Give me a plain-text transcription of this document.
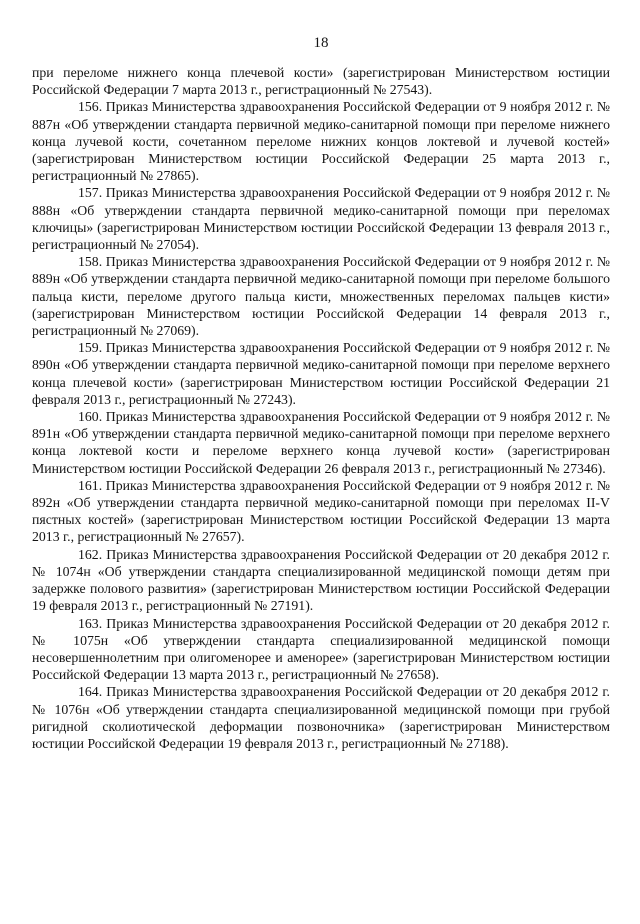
18

при переломе нижнего конца плечевой кости» (зарегистрирован Министерством юстиции Российской Федерации 7 марта 2013 г., регистрационный № 27543).

156. Приказ Министерства здравоохранения Российской Федерации от 9 ноября 2012 г. № 887н «Об утверждении стандарта первичной медико-санитарной помощи при переломе нижнего конца лучевой кости, сочетанном переломе нижних концов локтевой и лучевой костей» (зарегистрирован Министерством юстиции Российской Федерации 25 марта 2013 г., регистрационный № 27865).

157. Приказ Министерства здравоохранения Российской Федерации от 9 ноября 2012 г. № 888н «Об утверждении стандарта первичной медико-санитарной помощи при переломах ключицы» (зарегистрирован Министерством юстиции Российской Федерации 13 февраля 2013 г., регистрационный № 27054).

158. Приказ Министерства здравоохранения Российской Федерации от 9 ноября 2012 г. № 889н «Об утверждении стандарта первичной медико-санитарной помощи при переломе большого пальца кисти, переломе другого пальца кисти, множественных переломах пальцев кисти» (зарегистрирован Министерством юстиции Российской Федерации 14 февраля 2013 г., регистрационный № 27069).

159. Приказ Министерства здравоохранения Российской Федерации от 9 ноября 2012 г. № 890н «Об утверждении стандарта первичной медико-санитарной помощи при переломе верхнего конца плечевой кости» (зарегистрирован Министерством юстиции Российской Федерации 21 февраля 2013 г., регистрационный № 27243).

160. Приказ Министерства здравоохранения Российской Федерации от 9 ноября 2012 г. № 891н «Об утверждении стандарта первичной медико-санитарной помощи при переломе верхнего конца локтевой кости и переломе верхнего конца лучевой кости» (зарегистрирован Министерством юстиции Российской Федерации 26 февраля 2013 г., регистрационный № 27346).

161. Приказ Министерства здравоохранения Российской Федерации от 9 ноября 2012 г. № 892н «Об утверждении стандарта первичной медико-санитарной помощи при переломах II-V пястных костей» (зарегистрирован Министерством юстиции Российской Федерации 13 марта 2013 г., регистрационный № 27657).

162. Приказ Министерства здравоохранения Российской Федерации от 20 декабря 2012 г. № 1074н «Об утверждении стандарта специализированной медицинской помощи детям при задержке полового развития» (зарегистрирован Министерством юстиции Российской Федерации 19 февраля 2013 г., регистрационный № 27191).

163. Приказ Министерства здравоохранения Российской Федерации от 20 декабря 2012 г. № 1075н «Об утверждении стандарта специализированной медицинской помощи несовершеннолетним при олигоменорее и аменорее» (зарегистрирован Министерством юстиции Российской Федерации 13 марта 2013 г., регистрационный № 27658).

164. Приказ Министерства здравоохранения Российской Федерации от 20 декабря 2012 г. № 1076н «Об утверждении стандарта специализированной медицинской помощи при грубой ригидной сколиотической деформации позвоночника» (зарегистрирован Министерством юстиции Российской Федерации 19 февраля 2013 г., регистрационный № 27188).
